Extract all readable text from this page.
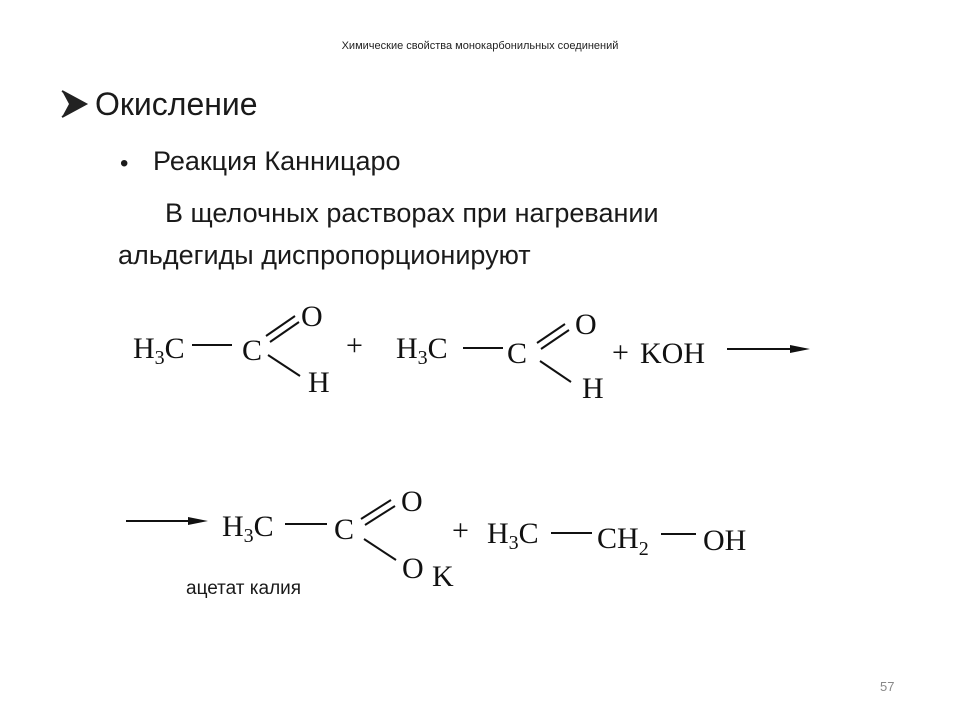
Химические свойства монокарбонильных соединений
Окисление
• Реакция Канницаро
В щелочных растворах при нагревании
альдегиды диспропорционируют
$H_3C$ C
O
H
+ $H_3C$ C
O
H
+ KOH
$H_3C$ C
O
O K
+ $H_3C$ $CH_2$ OH
ацетат калия
57
